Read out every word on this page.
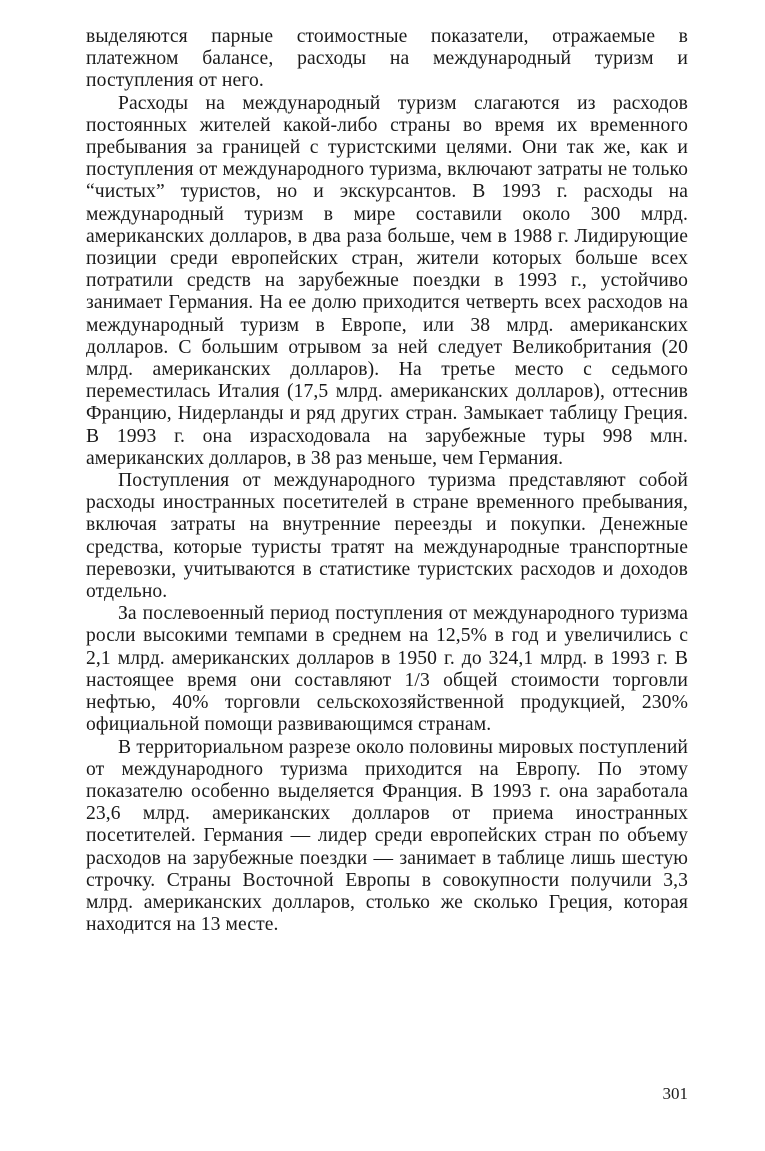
выделяются парные стоимостные показатели, отражаемые в платежном балансе, расходы на международный туризм и поступления от него.

Расходы на международный туризм слагаются из расходов постоянных жителей какой-либо страны во время их временного пребывания за границей с туристскими целями. Они так же, как и поступления от международного туризма, включают затраты не только “чистых” туристов, но и экскурсантов. В 1993 г. расходы на международный туризм в мире составили около 300 млрд. американских долларов, в два раза больше, чем в 1988 г. Лидирующие позиции среди европейских стран, жители которых больше всех потратили средств на зарубежные поездки в 1993 г., устойчиво занимает Германия. На ее долю приходится четверть всех расходов на международный туризм в Европе, или 38 млрд. американских долларов. С большим отрывом за ней следует Великобритания (20 млрд. американских долларов). На третье место с седьмого переместилась Италия (17,5 млрд. американских долларов), оттеснив Францию, Нидерланды и ряд других стран. Замыкает таблицу Греция. В 1993 г. она израсходовала на зарубежные туры 998 млн. американских долларов, в 38 раз меньше, чем Германия.

Поступления от международного туризма представляют собой расходы иностранных посетителей в стране временного пребывания, включая затраты на внутренние переезды и покупки. Денежные средства, которые туристы тратят на международные транспортные перевозки, учитываются в статистике туристских расходов и доходов отдельно.

За послевоенный период поступления от международного туризма росли высокими темпами в среднем на 12,5% в год и увеличились с 2,1 млрд. американских долларов в 1950 г. до 324,1 млрд. в 1993 г. В настоящее время они составляют 1/3 общей стоимости торговли нефтью, 40% торговли сельскохозяйственной продукцией, 230% официальной помощи развивающимся странам.

В территориальном разрезе около половины мировых поступлений от международного туризма приходится на Европу. По этому показателю особенно выделяется Франция. В 1993 г. она заработала 23,6 млрд. американских долларов от приема иностранных посетителей. Германия — лидер среди европейских стран по объему расходов на зарубежные поездки — занимает в таблице лишь шестую строчку. Страны Восточной Европы в совокупности получили 3,3 млрд. американских долларов, столько же сколько Греция, которая находится на 13 месте.

301
